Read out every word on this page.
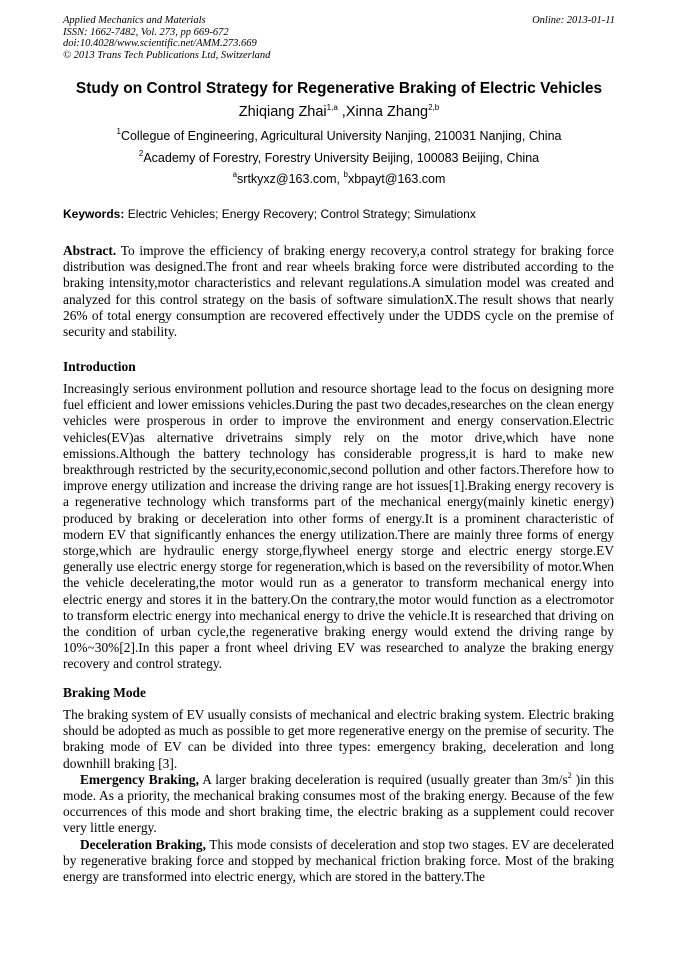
Applied Mechanics and Materials
ISSN: 1662-7482, Vol. 273, pp 669-672
doi:10.4028/www.scientific.net/AMM.273.669
© 2013 Trans Tech Publications Ltd, Switzerland
Online: 2013-01-11
Study on Control Strategy for Regenerative Braking of Electric Vehicles
Zhiqiang Zhai$^{1,a}$ ,Xinna Zhang$^{2,b}$
$^1$Collegue of Engineering, Agricultural University Nanjing, 210031 Nanjing, China
$^2$Academy of Forestry, Forestry University Beijing, 100083 Beijing, China
$^a$srtkyxz@163.com, $^b$xbpayt@163.com
Keywords: Electric Vehicles; Energy Recovery; Control Strategy; Simulationx

Abstract. To improve the efficiency of braking energy recovery,a control strategy for braking force distribution was designed.The front and rear wheels braking force were distributed according to the braking intensity,motor characteristics and relevant regulations.A simulation model was created and analyzed for this control strategy on the basis of software simulationX.The result shows that nearly 26% of total energy consumption are recovered effectively under the UDDS cycle on the premise of security and stability.

Introduction

Increasingly serious environment pollution and resource shortage lead to the focus on designing more fuel efficient and lower emissions vehicles.During the past two decades,researches on the clean energy vehicles were prosperous in order to improve the environment and energy conservation.Electric vehicles(EV)as alternative drivetrains simply rely on the motor drive,which have none emissions.Although the battery technology has considerable progress,it is hard to make new breakthrough restricted by the security,economic,second pollution and other factors.Therefore how to improve energy utilization and increase the driving range are hot issues[1].Braking energy recovery is a regenerative technology which transforms part of the mechanical energy(mainly kinetic energy) produced by braking or deceleration into other forms of energy.It is a prominent characteristic of modern EV that significantly enhances the energy utilization.There are mainly three forms of energy storge,which are hydraulic energy storge,flywheel energy storge and electric energy storge.EV generally use electric energy storge for regeneration,which is based on the reversibility of motor.When the vehicle decelerating,the motor would run as a generator to transform mechanical energy into electric energy and stores it in the battery.On the contrary,the motor would function as a electromotor to transform electric energy into mechanical energy to drive the vehicle.It is researched that driving on the condition of urban cycle,the regenerative braking energy would extend the driving range by 10%~30%[2].In this paper a front wheel driving EV was researched to analyze the braking energy recovery and control strategy.

Braking Mode

The braking system of EV usually consists of mechanical and electric braking system. Electric braking should be adopted as much as possible to get more regenerative energy on the premise of security. The braking mode of EV can be divided into three types: emergency braking, deceleration and long downhill braking [3].

Emergency Braking, A larger braking deceleration is required (usually greater than $3m/s^2$ )in this mode. As a priority, the mechanical braking consumes most of the braking energy. Because of the few occurrences of this mode and short braking time, the electric braking as a supplement could recover very little energy.

Deceleration Braking, This mode consists of deceleration and stop two stages. EV are decelerated by regenerative braking force and stopped by mechanical friction braking force. Most of the braking energy are transformed into electric energy, which are stored in the battery.The
